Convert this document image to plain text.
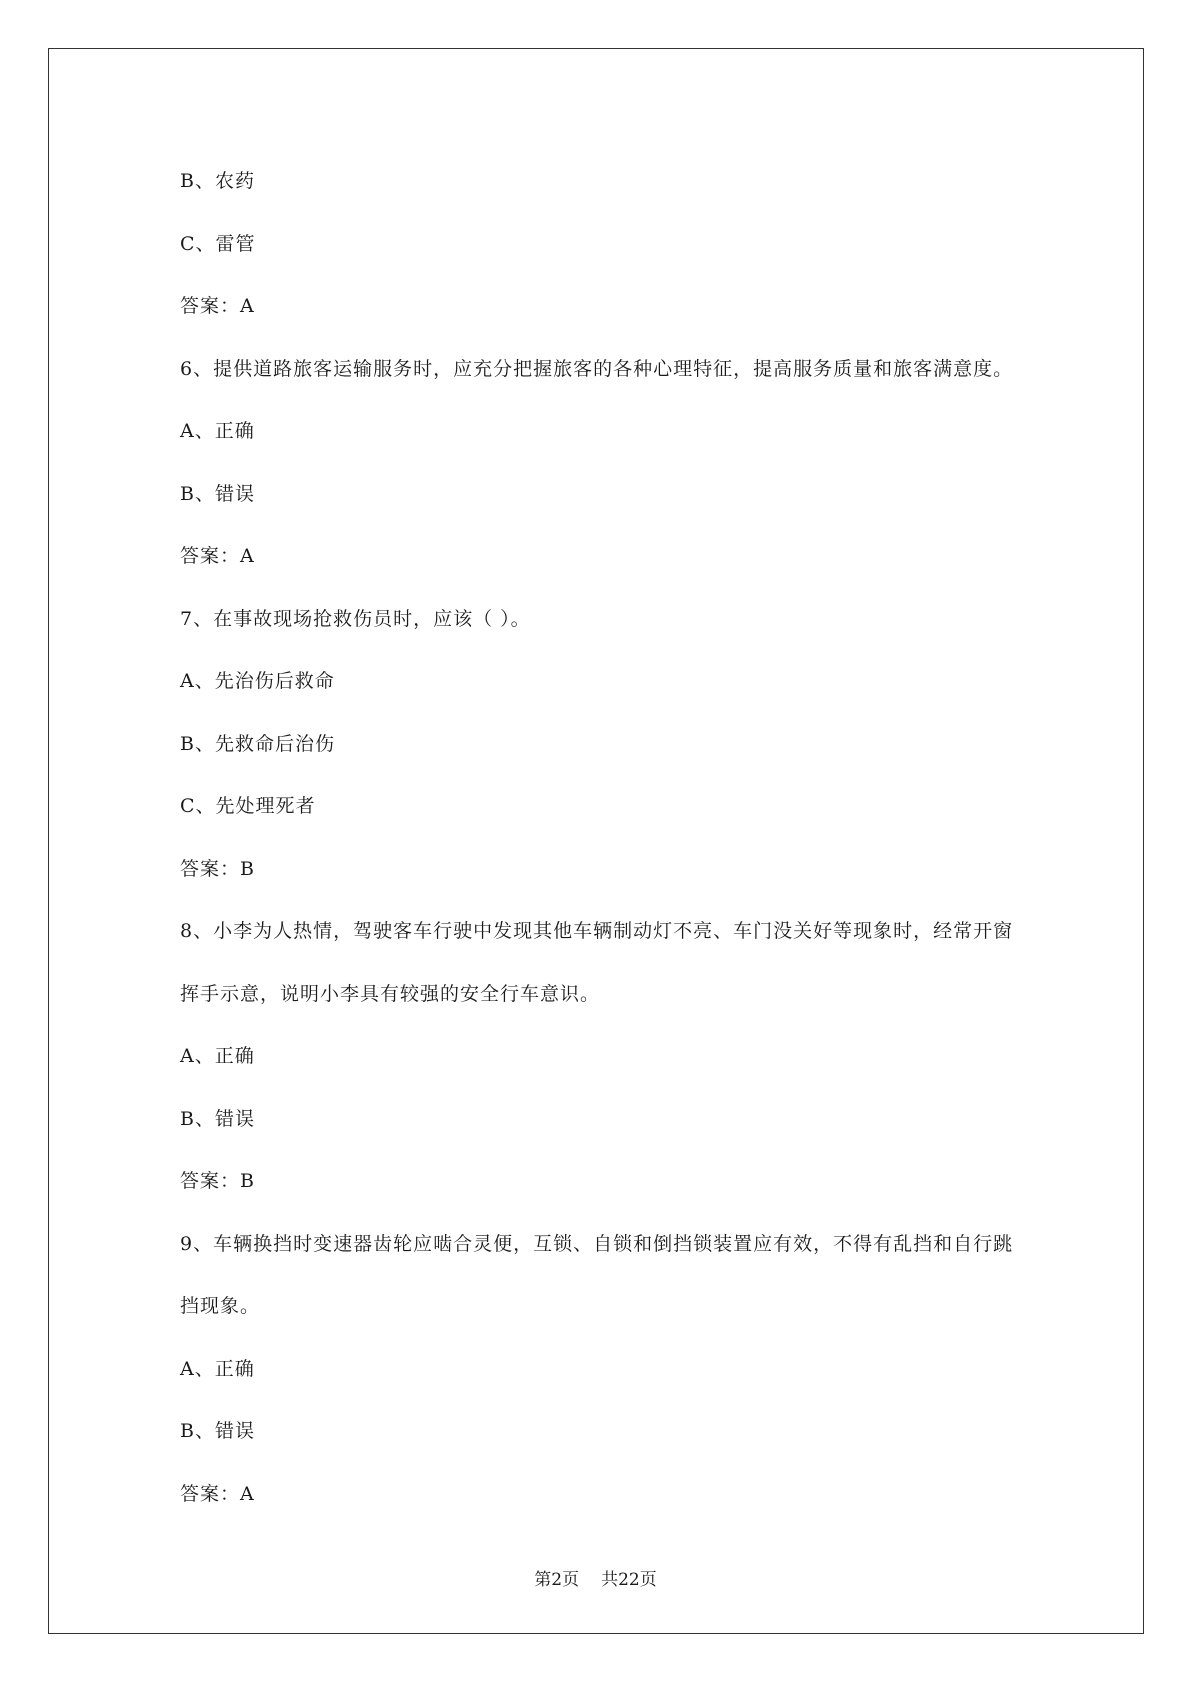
B、农药
C、雷管
答案：A
6、提供道路旅客运输服务时，应充分把握旅客的各种心理特征，提高服务质量和旅客满意度。
A、正确
B、错误
答案：A
7、在事故现场抢救伤员时，应该（ ）。
A、先治伤后救命
B、先救命后治伤
C、先处理死者
答案：B
8、小李为人热情，驾驶客车行驶中发现其他车辆制动灯不亮、车门没关好等现象时，经常开窗
挥手示意，说明小李具有较强的安全行车意识。
A、正确
B、错误
答案：B
9、车辆换挡时变速器齿轮应啮合灵便，互锁、自锁和倒挡锁装置应有效，不得有乱挡和自行跳
挡现象。
A、正确
B、错误
答案：A
第2页 共22页
